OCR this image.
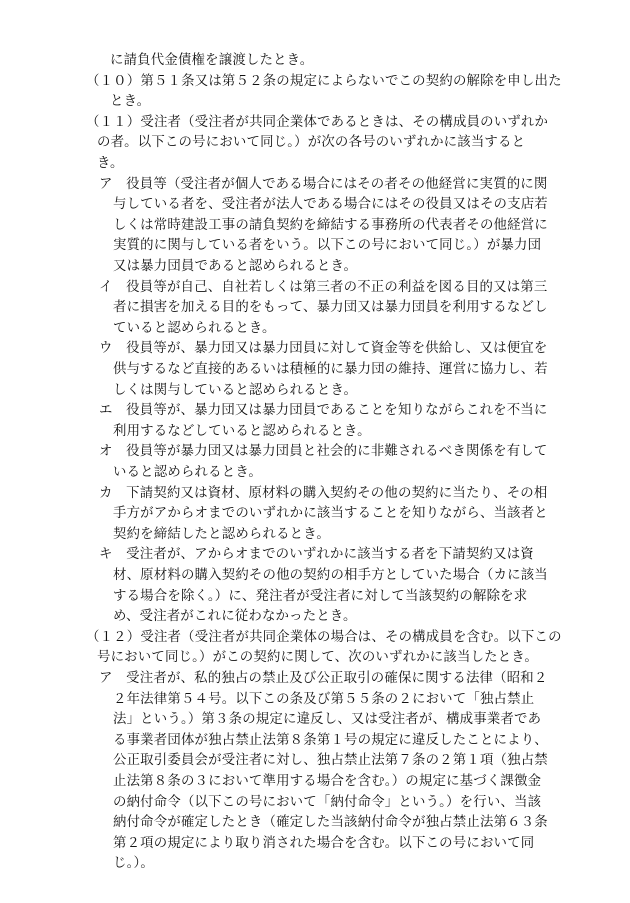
に請負代金債権を譲渡したとき。
（１０）第５１条又は第５２条の規定によらないでこの契約の解除を申し出た
とき。
（１１）受注者（受注者が共同企業体であるときは、その構成員のいずれか
の者。以下この号において同じ。）が次の各号のいずれかに該当すると
き。
ア　役員等（受注者が個人である場合にはその者その他経営に実質的に関
与している者を、受注者が法人である場合にはその役員又はその支店若
しくは常時建設工事の請負契約を締結する事務所の代表者その他経営に
実質的に関与している者をいう。以下この号において同じ。）が暴力団
又は暴力団員であると認められるとき。
イ　役員等が自己、自社若しくは第三者の不正の利益を図る目的又は第三
者に損害を加える目的をもって、暴力団又は暴力団員を利用するなどし
ていると認められるとき。
ウ　役員等が、暴力団又は暴力団員に対して資金等を供給し、又は便宜を
供与するなど直接的あるいは積極的に暴力団の維持、運営に協力し、若
しくは関与していると認められるとき。
エ　役員等が、暴力団又は暴力団員であることを知りながらこれを不当に
利用するなどしていると認められるとき。
オ　役員等が暴力団又は暴力団員と社会的に非難されるべき関係を有して
いると認められるとき。
カ　下請契約又は資材、原材料の購入契約その他の契約に当たり、その相
手方がアからオまでのいずれかに該当することを知りながら、当該者と
契約を締結したと認められるとき。
キ　受注者が、アからオまでのいずれかに該当する者を下請契約又は資
材、原材料の購入契約その他の契約の相手方としていた場合（カに該当
する場合を除く。）に、発注者が受注者に対して当該契約の解除を求
め、受注者がこれに従わなかったとき。
（１２）受注者（受注者が共同企業体の場合は、その構成員を含む。以下この
号において同じ。）がこの契約に関して、次のいずれかに該当したとき。
ア　受注者が、私的独占の禁止及び公正取引の確保に関する法律（昭和２
２年法律第５４号。以下この条及び第５５条の２において「独占禁止
法」という。）第３条の規定に違反し、又は受注者が、構成事業者であ
る事業者団体が独占禁止法第８条第１号の規定に違反したことにより、
公正取引委員会が受注者に対し、独占禁止法第７条の２第１項（独占禁
止法第８条の３において準用する場合を含む。）の規定に基づく課徴金
の納付命令（以下この号において「納付命令」という。）を行い、当該
納付命令が確定したとき（確定した当該納付命令が独占禁止法第６３条
第２項の規定により取り消された場合を含む。以下この号において同
じ。）。
